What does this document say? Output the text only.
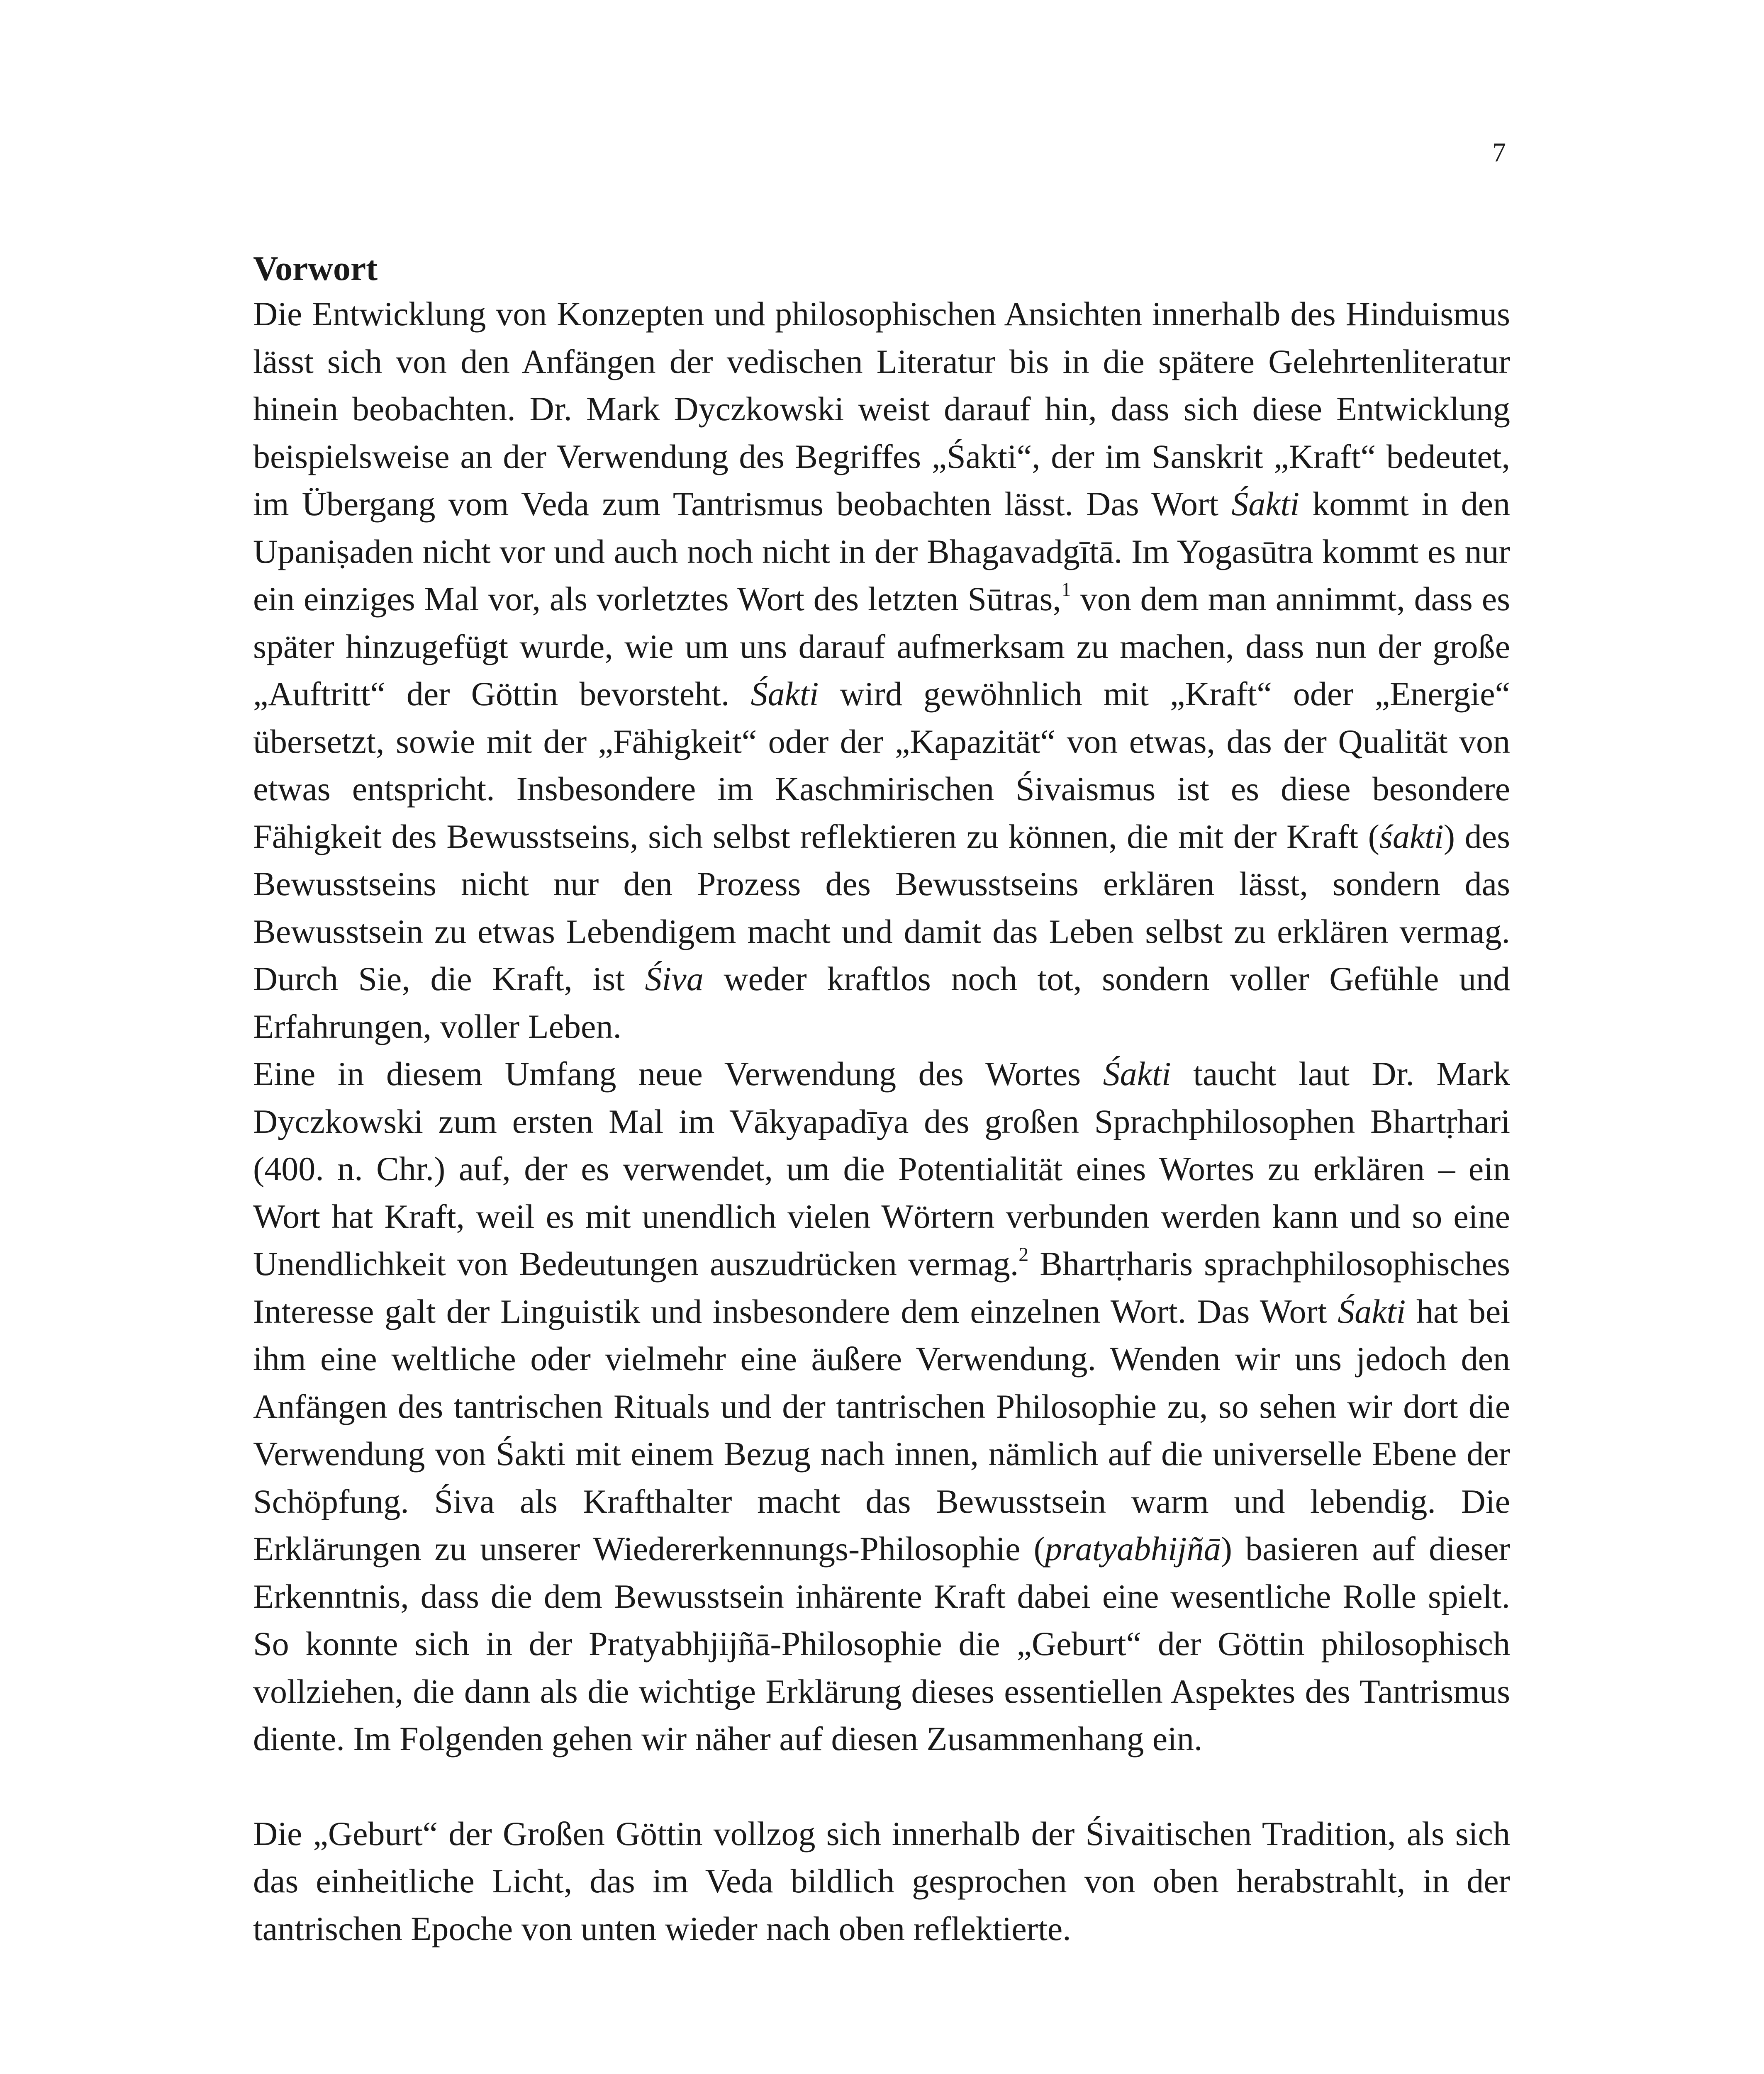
7
Vorwort

Die Entwicklung von Konzepten und philosophischen Ansichten innerhalb des Hinduismus lässt sich von den Anfängen der vedischen Literatur bis in die spätere Gelehrtenliteratur hinein beobachten. Dr. Mark Dyczkowski weist darauf hin, dass sich diese Entwicklung beispielsweise an der Verwendung des Begriffes „Śakti“, der im Sanskrit „Kraft“ bedeutet, im Übergang vom Veda zum Tantrismus beobachten lässt. Das Wort Śakti kommt in den Upaniṣaden nicht vor und auch noch nicht in der Bhagavadgītā. Im Yogasūtra kommt es nur ein einziges Mal vor, als vorletztes Wort des letzten Sūtras,$^1$ von dem man annimmt, dass es später hinzugefügt wurde, wie um uns darauf aufmerksam zu machen, dass nun der große „Auftritt“ der Göttin bevorsteht. Śakti wird gewöhnlich mit „Kraft“ oder „Energie“ übersetzt, sowie mit der „Fähigkeit“ oder der „Kapazität“ von etwas, das der Qualität von etwas entspricht. Insbesondere im Kaschmirischen Śivaismus ist es diese besondere Fähigkeit des Bewusstseins, sich selbst reflektieren zu können, die mit der Kraft (śakti) des Bewusstseins nicht nur den Prozess des Bewusstseins erklären lässt, sondern das Bewusstsein zu etwas Lebendigem macht und damit das Leben selbst zu erklären vermag. Durch Sie, die Kraft, ist Śiva weder kraftlos noch tot, sondern voller Gefühle und Erfahrungen, voller Leben.

Eine in diesem Umfang neue Verwendung des Wortes Śakti taucht laut Dr. Mark Dyczkowski zum ersten Mal im Vākyapadīya des großen Sprachphilosophen Bhartṛhari (400. n. Chr.) auf, der es verwendet, um die Potentialität eines Wortes zu erklären – ein Wort hat Kraft, weil es mit unendlich vielen Wörtern verbunden werden kann und so eine Unendlichkeit von Bedeutungen auszudrücken vermag.$^2$ Bhartṛharis sprachphilosophisches Interesse galt der Linguistik und insbesondere dem einzelnen Wort. Das Wort Śakti hat bei ihm eine weltliche oder vielmehr eine äußere Verwendung. Wenden wir uns jedoch den Anfängen des tantrischen Rituals und der tantrischen Philosophie zu, so sehen wir dort die Verwendung von Śakti mit einem Bezug nach innen, nämlich auf die universelle Ebene der Schöpfung. Śiva als Krafthalter macht das Bewusstsein warm und lebendig. Die Erklärungen zu unserer Wiedererkennungs-Philosophie (pratyabhijñā) basieren auf dieser Erkenntnis, dass die dem Bewusstsein inhärente Kraft dabei eine wesentliche Rolle spielt. So konnte sich in der Pratyabhjijñā-Philosophie die „Geburt“ der Göttin philosophisch vollziehen, die dann als die wichtige Erklärung dieses essentiellen Aspektes des Tantrismus diente. Im Folgenden gehen wir näher auf diesen Zusammenhang ein.

Die „Geburt“ der Großen Göttin vollzog sich innerhalb der Śivaitischen Tradition, als sich das einheitliche Licht, das im Veda bildlich gesprochen von oben herabstrahlt, in der tantrischen Epoche von unten wieder nach oben reflektierte.
